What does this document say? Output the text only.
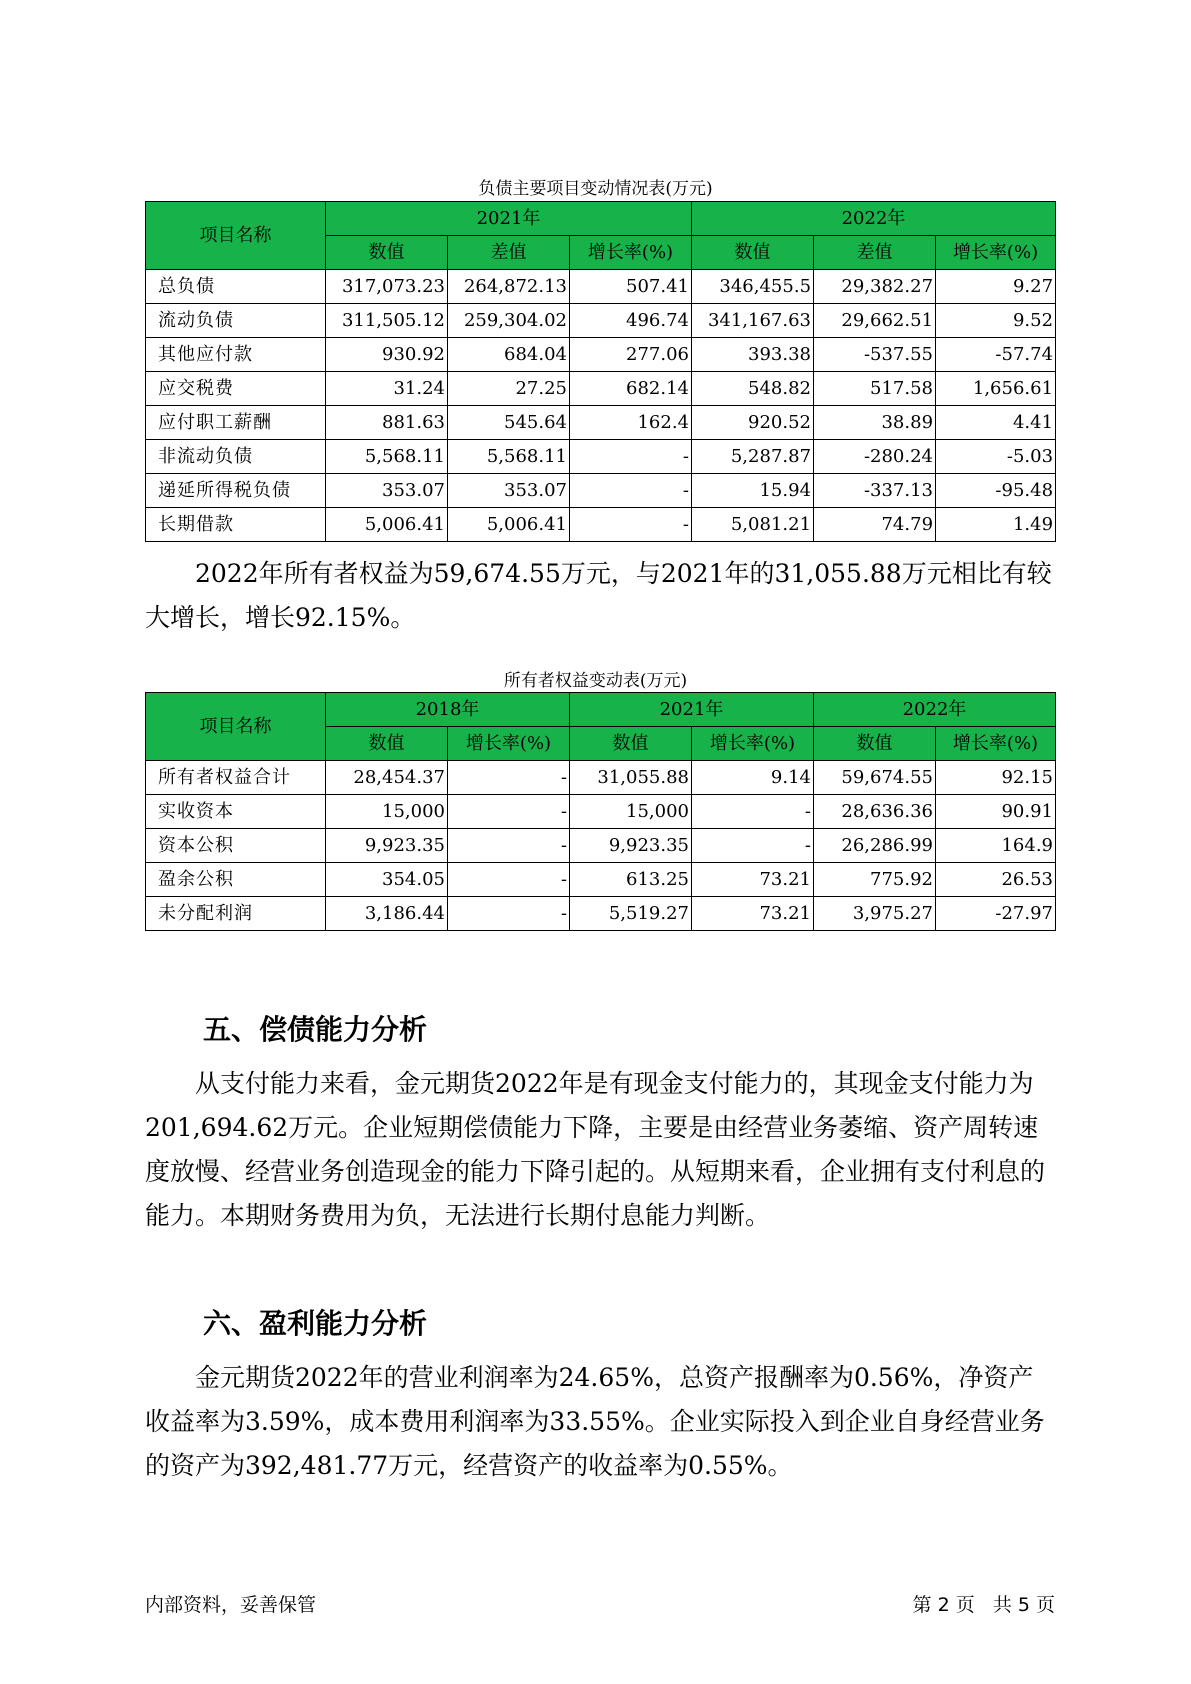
负债主要项目变动情况表(万元)
项目名称	2021年			2022年		
	数值	差值	增长率(%)	数值	差值	增长率(%)
总负债	317,073.23	264,872.13	507.41	346,455.5	29,382.27	9.27
流动负债	311,505.12	259,304.02	496.74	341,167.63	29,662.51	9.52
其他应付款	930.92	684.04	277.06	393.38	-537.55	-57.74
应交税费	31.24	27.25	682.14	548.82	517.58	1,656.61
应付职工薪酬	881.63	545.64	162.4	920.52	38.89	4.41
非流动负债	5,568.11	5,568.11	-	5,287.87	-280.24	-5.03
递延所得税负债	353.07	353.07	-	15.94	-337.13	-95.48
长期借款	5,006.41	5,006.41	-	5,081.21	74.79	1.49

2022年所有者权益为59,674.55万元，与2021年的31,055.88万元相比有较大增长，增长92.15%。

所有者权益变动表(万元)
项目名称	2018年		2021年		2022年	
	数值	增长率(%)	数值	增长率(%)	数值	增长率(%)
所有者权益合计	28,454.37	-	31,055.88	9.14	59,674.55	92.15
实收资本	15,000	-	15,000	-	28,636.36	90.91
资本公积	9,923.35	-	9,923.35	-	26,286.99	164.9
盈余公积	354.05	-	613.25	73.21	775.92	26.53
未分配利润	3,186.44	-	5,519.27	73.21	3,975.27	-27.97
五、偿债能力分析

从支付能力来看，金元期货2022年是有现金支付能力的，其现金支付能力为201,694.62万元。企业短期偿债能力下降，主要是由经营业务萎缩、资产周转速度放慢、经营业务创造现金的能力下降引起的。从短期来看，企业拥有支付利息的能力。本期财务费用为负，无法进行长期付息能力判断。

六、盈利能力分析

金元期货2022年的营业利润率为24.65%，总资产报酬率为0.56%，净资产收益率为3.59%，成本费用利润率为33.55%。企业实际投入到企业自身经营业务的资产为392,481.77万元，经营资产的收益率为0.55%。

内部资料，妥善保管	第 2 页   共 5 页
